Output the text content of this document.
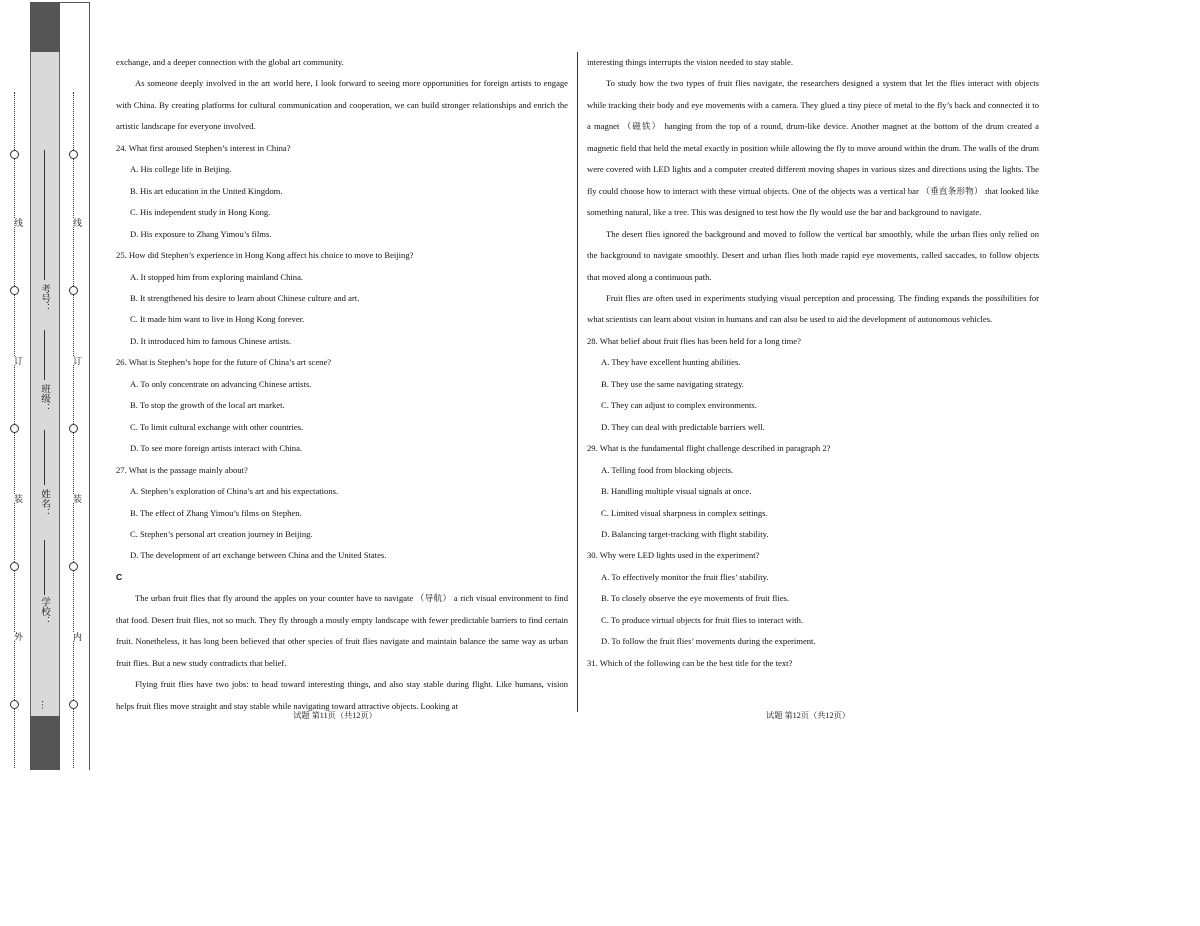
外
装
订
线
内
装
订
线
学校：
姓名：
班级：
考号：
…

exchange, and a deeper connection with the global art community.

As someone deeply involved in the art world here, I look forward to seeing more opportunities for foreign artists to engage with China. By creating platforms for cultural communication and cooperation, we can build stronger relationships and enrich the artistic landscape for everyone involved.

24. What first aroused Stephen’s interest in China?

A. His college life in Beijing.

B. His art education in the United Kingdom.

C. His independent study in Hong Kong.

D. His exposure to Zhang Yimou’s films.

25. How did Stephen’s experience in Hong Kong affect his choice to move to Beijing?

A. It stopped him from exploring mainland China.

B. It strengthened his desire to learn about Chinese culture and art.

C. It made him want to live in Hong Kong forever.

D. It introduced him to famous Chinese artists.

26. What is Stephen’s hope for the future of China’s art scene?

A. To only concentrate on advancing Chinese artists.

B. To stop the growth of the local art market.

C. To limit cultural exchange with other countries.

D. To see more foreign artists interact with China.

27. What is the passage mainly about?

A. Stephen’s exploration of China’s art and his expectations.

B. The effect of Zhang Yimou’s films on Stephen.

C. Stephen’s personal art creation journey in Beijing.

D. The development of art exchange between China and the United States.

C

The urban fruit flies that fly around the apples on your counter have to navigate （导航） a rich visual environment to find that food. Desert fruit flies, not so much. They fly through a mostly empty landscape with fewer predictable barriers to find certain fruit. Nonetheless, it has long been believed that other species of fruit flies navigate and maintain balance the same way as urban fruit flies. But a new study contradicts that belief.

Flying fruit flies have two jobs: to head toward interesting things, and also stay stable during flight. Like humans, vision helps fruit flies move straight and stay stable while navigating toward attractive objects. Looking at

interesting things interrupts the vision needed to stay stable.

To study how the two types of fruit flies navigate, the researchers designed a system that let the flies interact with objects while tracking their body and eye movements with a camera. They glued a tiny piece of metal to the fly’s back and connected it to a magnet （磁铁） hanging from the top of a round, drum-like device. Another magnet at the bottom of the drum created a magnetic field that held the metal exactly in position while allowing the fly to move around within the drum. The walls of the drum were covered with LED lights and a computer created different moving shapes in various sizes and directions using the lights. The fly could choose how to interact with these virtual objects. One of the objects was a vertical bar （垂直条形物） that looked like something natural, like a tree. This was designed to test how the fly would use the bar and background to navigate.

The desert flies ignored the background and moved to follow the vertical bar smoothly, while the urban flies only relied on the background to navigate smoothly. Desert and urban flies both made rapid eye movements, called saccades, to follow objects that moved along a continuous path.

Fruit flies are often used in experiments studying visual perception and processing. The finding expands the possibilities for what scientists can learn about vision in humans and can also be used to aid the development of autonomous vehicles.

28. What belief about fruit flies has been held for a long time?

A. They have excellent hunting abilities.

B. They use the same navigating strategy.

C. They can adjust to complex environments.

D. They can deal with predictable barriers well.

29. What is the fundamental flight challenge described in paragraph 2?

A. Telling food from blocking objects.

B. Handling multiple visual signals at once.

C. Limited visual sharpness in complex settings.

D. Balancing target-tracking with flight stability.

30. Why were LED lights used in the experiment?

A. To effectively monitor the fruit flies’ stability.

B. To closely observe the eye movements of fruit flies.

C. To produce virtual objects for fruit flies to interact with.

D. To follow the fruit flies’ movements during the experiment.

31. Which of the following can be the best title for the text?

试题 第11页（共12页）	试题 第12页（共12页）
